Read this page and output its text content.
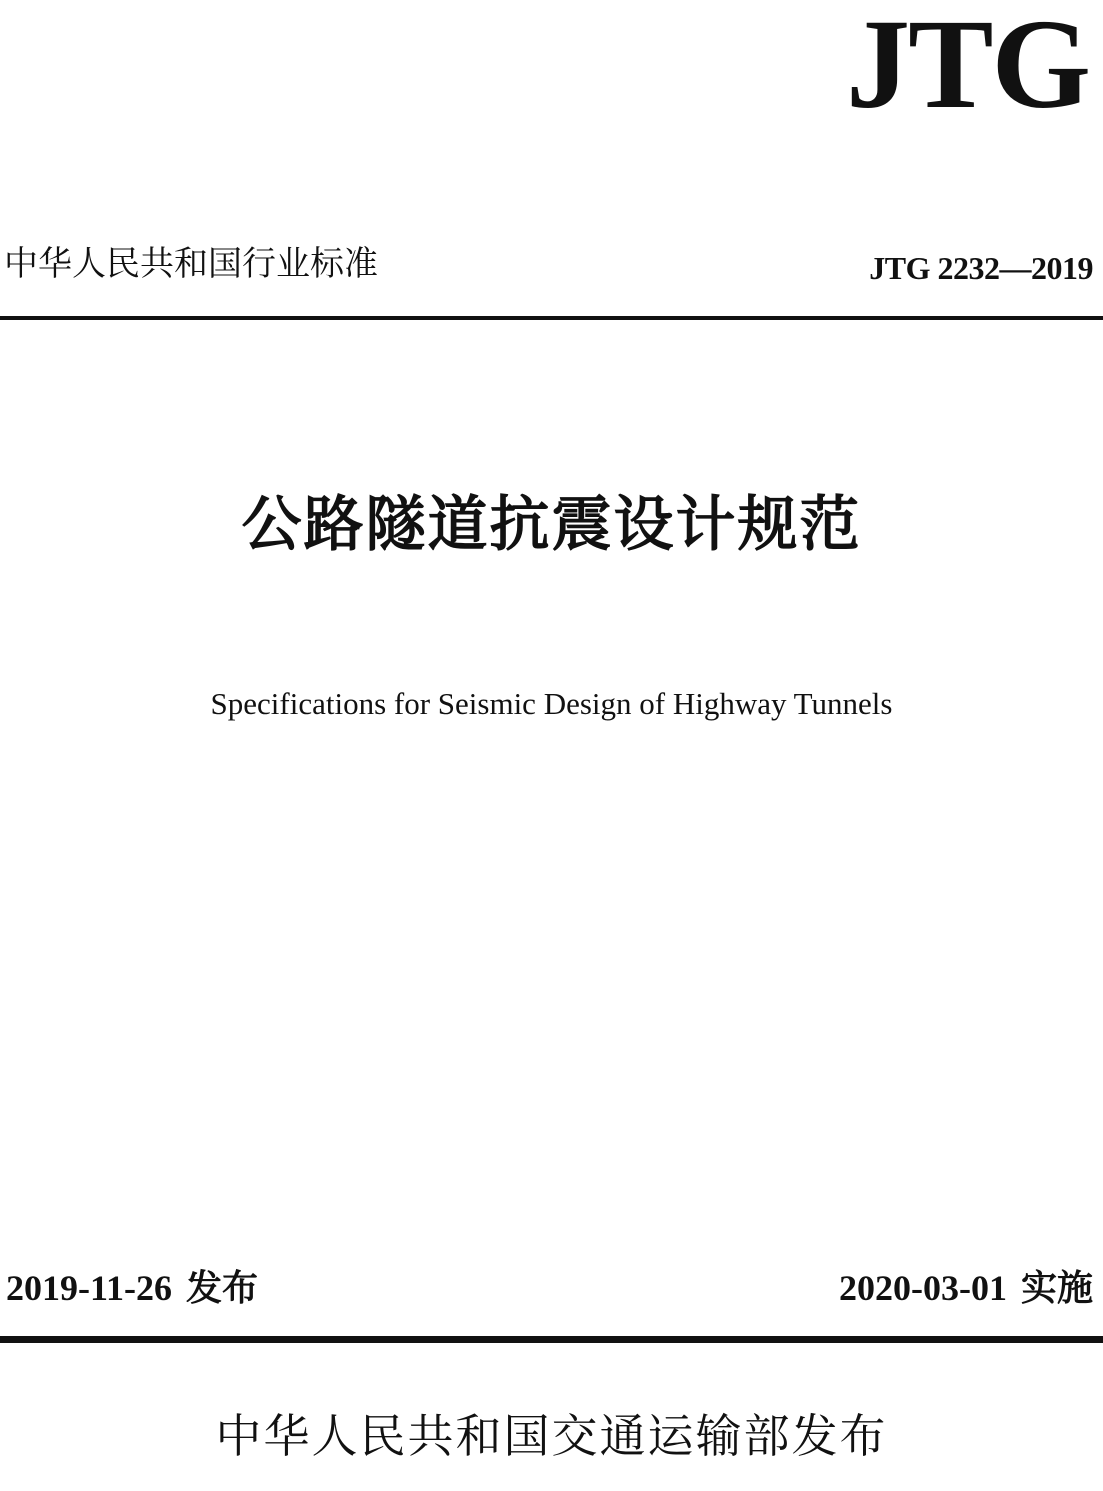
JTG
中华人民共和国行业标准	JTG 2232—2019
公路隧道抗震设计规范
Specifications for Seismic Design of Highway Tunnels
2019-11-26 发布	2020-03-01 实施
中华人民共和国交通运输部发布
